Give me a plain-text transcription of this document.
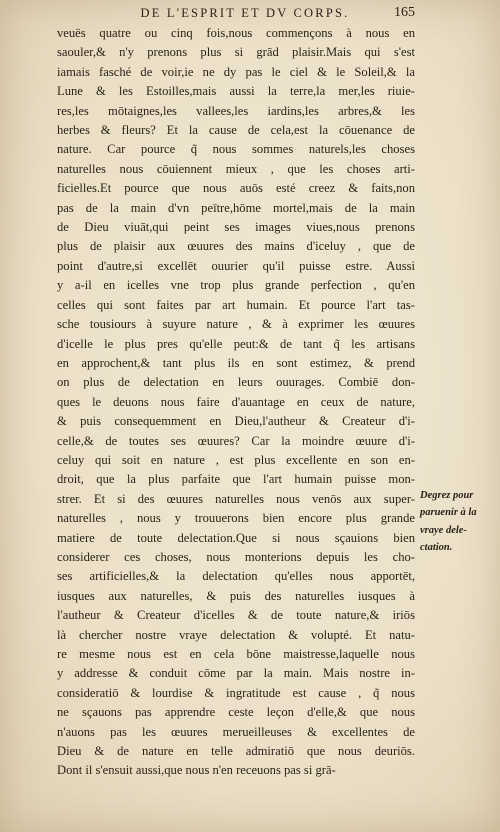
DE L'ESPRIT ET DV CORPS.	165
veuës quatre ou cinq fois,nous commençons à nous en
saouler,& n'y prenons plus si grād plaisir.Mais qui s'est
iamais fasché de voir,ie ne dy pas le ciel & le Soleil,& la
Lune & les Estoilles,mais aussi la terre,la mer,les riuie-
res,les mōtaignes,les vallees,les iardins,les arbres,& les
herbes & fleurs? Et la cause de cela,est la cōuenance de
nature. Car pource q̃ nous sommes naturels,les choses
naturelles nous cōuiennent mieux , que les choses arti-
ficielles.Et pource que nous auōs esté creez & faits,non
pas de la main d'vn peītre,hōme mortel,mais de la main
de Dieu viuāt,qui peint ses images viues,nous prenons
plus de plaisir aux œuures des mains d'iceluy , que de
point d'autre,si excellēt ouurier qu'il puisse estre. Aussi
y a-il en icelles vne trop plus grande perfection , qu'en
celles qui sont faites par art humain. Et pource l'art tas-
sche tousiours à suyure nature , & à exprimer les œuures
d'icelle le plus pres qu'elle peut:& de tant q̃ les artisans
en approchent,& tant plus ils en sont estimez, & prend
on plus de delectation en leurs ouurages. Combiē don-
ques le deuons nous faire d'auantage en ceux de nature,
& puis consequemment en Dieu,l'autheur & Createur d'i-
celle,& de toutes ses œuures? Car la moindre œuure d'i-
celuy qui soit en nature , est plus excellente en son en-
droit, que la plus parfaite que l'art humain puisse mon-
strer. Et si des œuures naturelles nous venōs aux super-
naturelles , nous y trouuerons bien encore plus grande
matiere de toute delectation.Que si nous sçauions bien
considerer ces choses, nous monterions depuis les cho-
ses artificielles,& la delectation qu'elles nous apportēt,
iusques aux naturelles, & puis des naturelles iusques à
l'autheur & Createur d'icelles & de toute nature,& iriōs
là chercher nostre vraye delectation & volupté. Et natu-
re mesme nous est en cela bōne maistresse,laquelle nous
y addresse & conduit cōme par la main. Mais nostre in-
consideratiō & lourdise & ingratitude est cause , q̃ nous
ne sçauons pas apprendre ceste leçon d'elle,& que nous
n'auons pas les œuures merueilleuses & excellentes de
Dieu & de nature en telle admiratiō que nous deuriōs.
Dont il s'ensuit aussi,que nous n'en receuons pas si grā-
Degrez pour
paruenir à la
vraye dele-
ctation.
